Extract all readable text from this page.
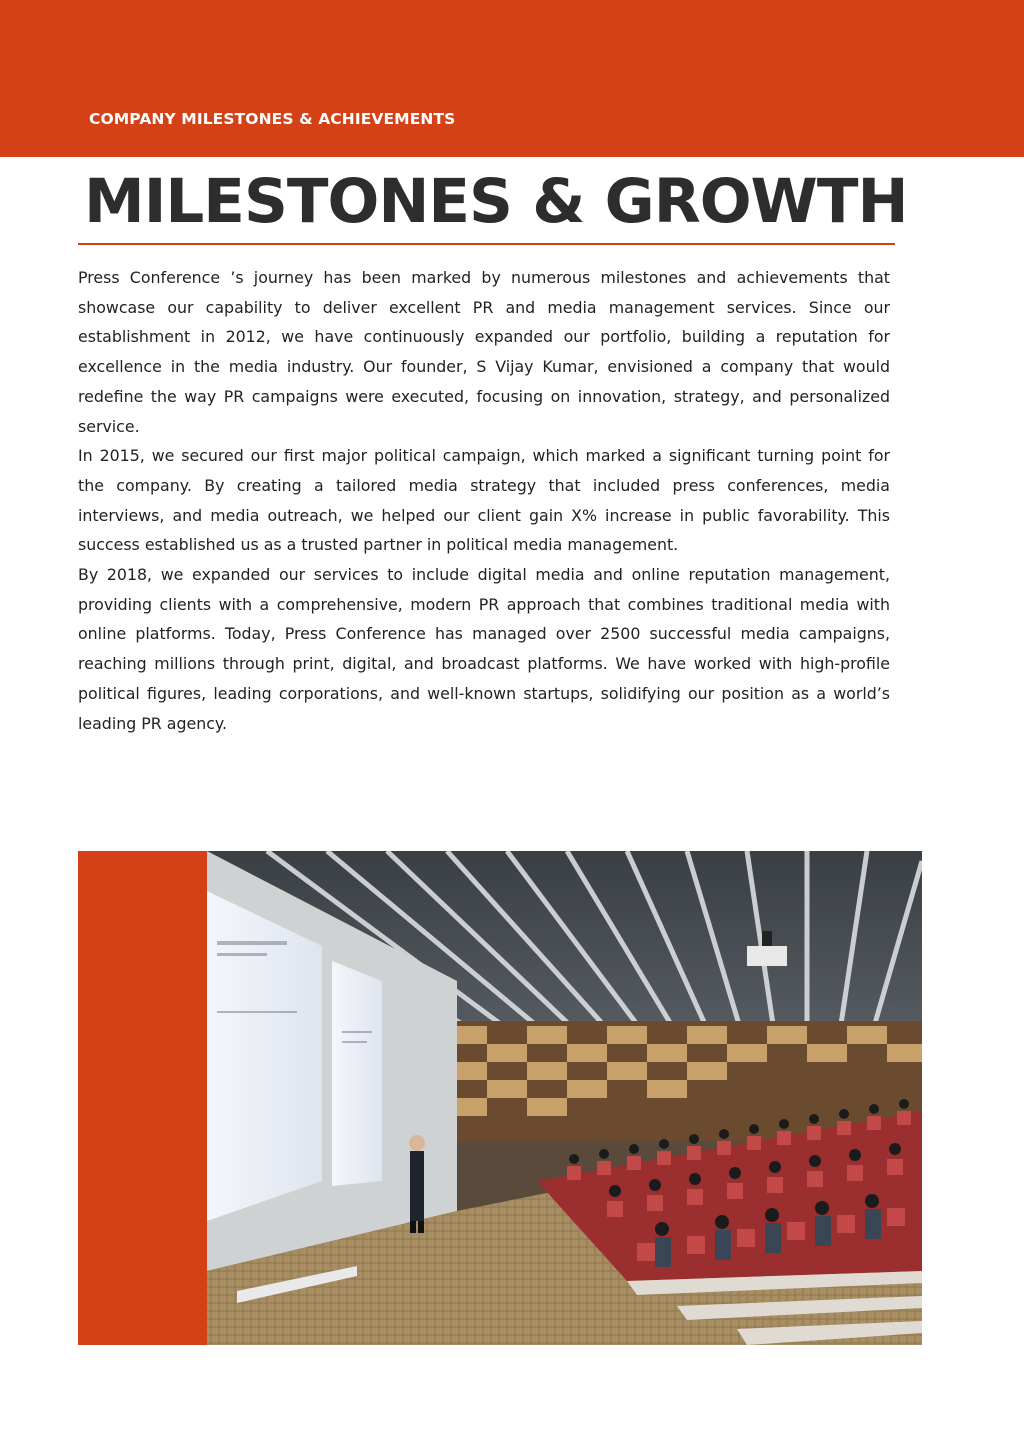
COMPANY MILESTONES & ACHIEVEMENTS
MILESTONES & GROWTH

Press Conference ’s journey has been marked by numerous milestones and achievements that showcase our capability to deliver excellent PR and media management services. Since our establishment in 2012, we have continuously expanded our portfolio, building a reputation for excellence in the media industry. Our founder, S Vijay Kumar, envisioned a company that would redefine the way PR campaigns were executed, focusing on innovation, strategy, and personalized service.

In 2015, we secured our first major political campaign, which marked a significant turning point for the company. By creating a tailored media strategy that included press conferences, media interviews, and media outreach, we helped our client gain X% increase in public favorability. This success established us as a trusted partner in political media management.

By 2018, we expanded our services to include digital media and online reputation management, providing clients with a comprehensive, modern PR approach that combines traditional media with online platforms. Today, Press Conference has managed over 2500 successful media campaigns, reaching millions through print, digital, and broadcast platforms. We have worked with high-profile political figures, leading corporations, and well-known startups, solidifying our position as a world’s leading PR agency.
